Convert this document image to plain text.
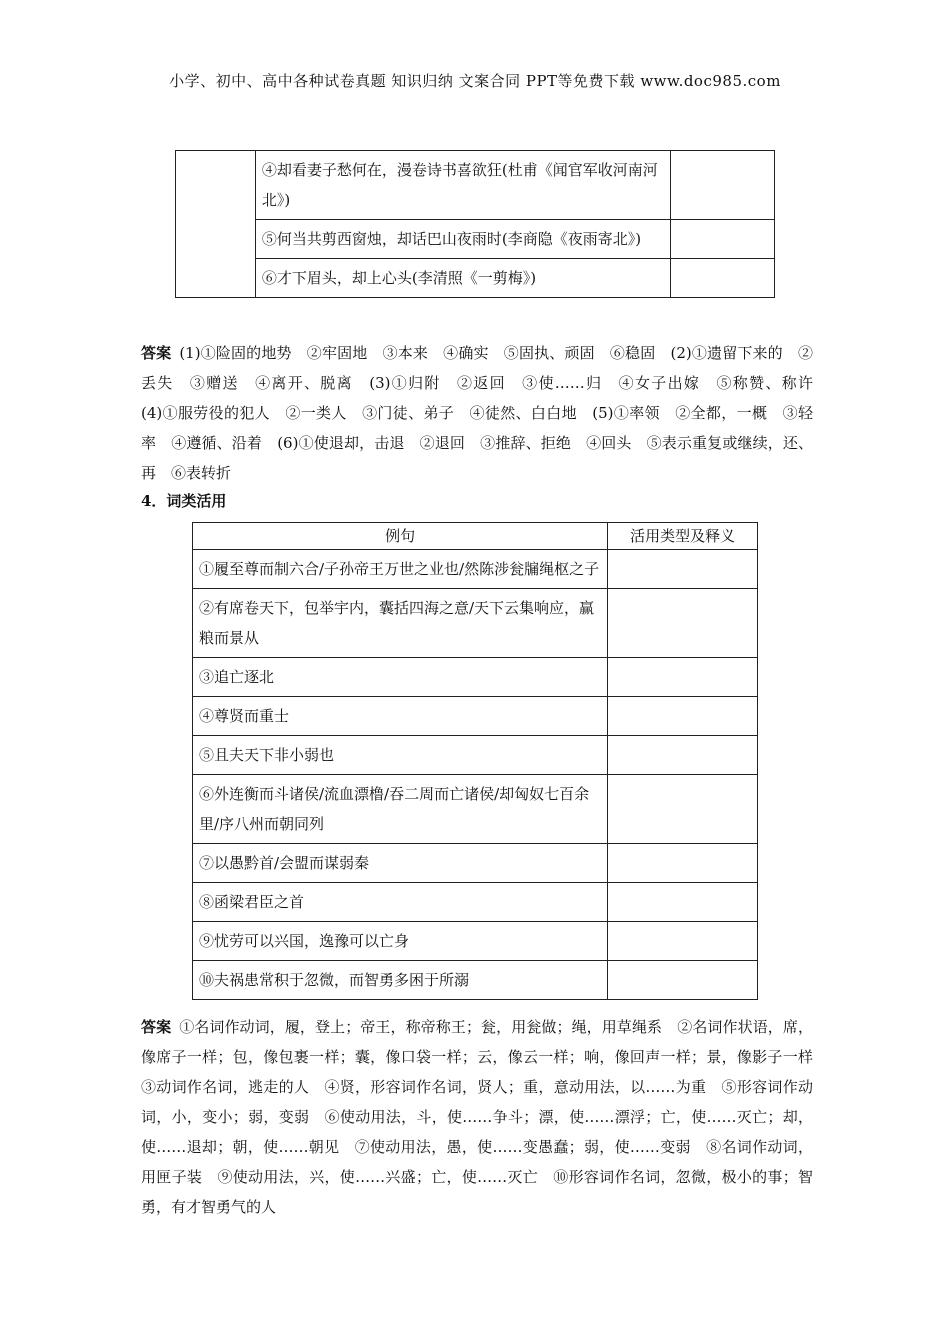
小学、初中、高中各种试卷真题 知识归纳 文案合同 PPT等免费下载 www.doc985.com
	④却看妻子愁何在，漫卷诗书喜欲狂(杜甫《闻官军收河南河北》)	
	⑤何当共剪西窗烛，却话巴山夜雨时(李商隐《夜雨寄北》)	
	⑥才下眉头，却上心头(李清照《一剪梅》)	
答案 (1)①险固的地势　②牢固地　③本来　④确实　⑤固执、顽固　⑥稳固　(2)①遗留下来的　②丢失　③赠送　④离开、脱离　(3)①归附　②返回　③使……归　④女子出嫁　⑤称赞、称许　　(4)①服劳役的犯人　②一类人　③门徒、弟子　④徒然、白白地　(5)①率领　②全都，一概　③轻率　④遵循、沿着　(6)①使退却，击退　②退回　③推辞、拒绝　④回头　⑤表示重复或继续，还、再　⑥表转折
4．词类活用
例句	活用类型及释义
①履至尊而制六合/子孙帝王万世之业也/然陈涉瓮牖绳枢之子	
②有席卷天下，包举宇内，囊括四海之意/天下云集响应，赢粮而景从	
③追亡逐北	
④尊贤而重士	
⑤且夫天下非小弱也	
⑥外连衡而斗诸侯/流血漂橹/吞二周而亡诸侯/却匈奴七百余里/序八州而朝同列	
⑦以愚黔首/会盟而谋弱秦	
⑧函梁君臣之首	
⑨忧劳可以兴国，逸豫可以亡身	
⑩夫祸患常积于忽微，而智勇多困于所溺	
答案 ①名词作动词，履，登上；帝王，称帝称王；瓮，用瓮做；绳，用草绳系　②名词作状语，席，像席子一样；包，像包裹一样；囊，像口袋一样；云，像云一样；响，像回声一样；景，像影子一样　③动词作名词，逃走的人　④贤，形容词作名词，贤人；重，意动用法，以……为重　⑤形容词作动词，小，变小；弱，变弱　⑥使动用法，斗，使……争斗；漂，使……漂浮；亡，使……灭亡；却，使……退却；朝，使……朝见　⑦使动用法，愚，使……变愚蠢；弱，使……变弱　⑧名词作动词，用匣子装　⑨使动用法，兴，使……兴盛；亡，使……灭亡　⑩形容词作名词，忽微，极小的事；智勇，有才智勇气的人
